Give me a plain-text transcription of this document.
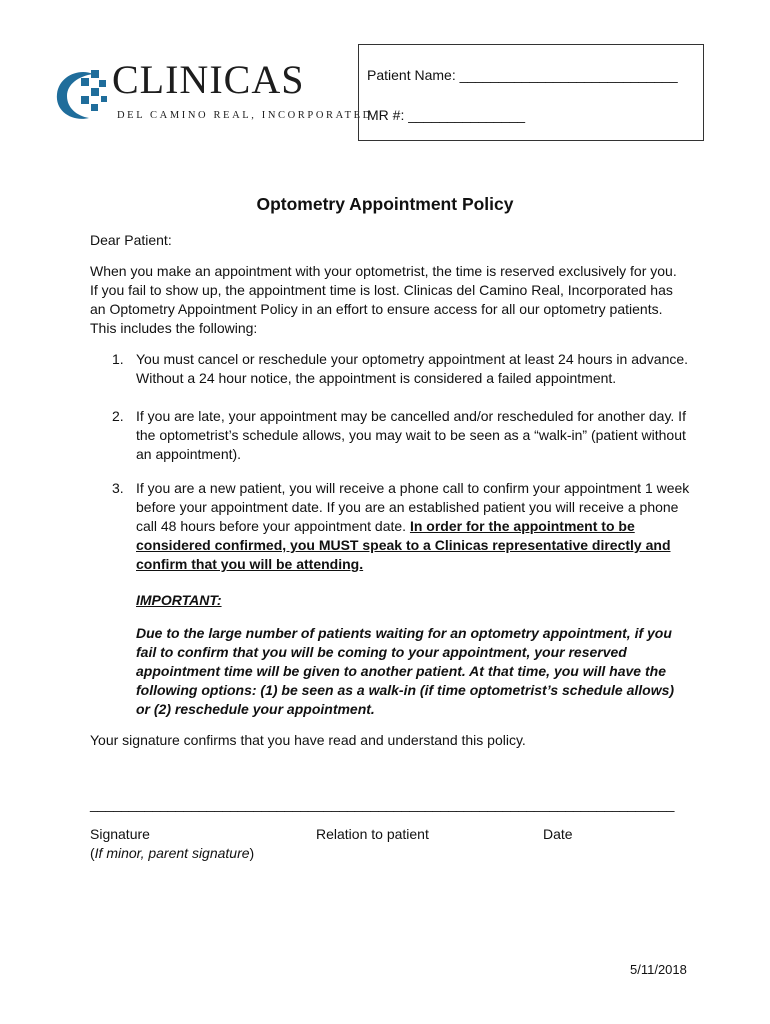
CLINICAS
DEL CAMINO REAL, INCORPORATED
Patient Name: ____________________________
MR #: _______________
Optometry Appointment Policy
Dear Patient:
When you make an appointment with your optometrist, the time is reserved exclusively for you. If you fail to show up, the appointment time is lost. Clinicas del Camino Real, Incorporated has an Optometry Appointment Policy in an effort to ensure access for all our optometry patients. This includes the following:
1. You must cancel or reschedule your optometry appointment at least 24 hours in advance. Without a 24 hour notice, the appointment is considered a failed appointment.
2. If you are late, your appointment may be cancelled and/or rescheduled for another day. If the optometrist’s schedule allows, you may wait to be seen as a “walk-in” (patient without an appointment).
3. If you are a new patient, you will receive a phone call to confirm your appointment 1 week before your appointment date. If you are an established patient you will receive a phone call 48 hours before your appointment date. In order for the appointment to be considered confirmed, you MUST speak to a Clinicas representative directly and confirm that you will be attending.
IMPORTANT:
Due to the large number of patients waiting for an optometry appointment, if you fail to confirm that you will be coming to your appointment, your reserved appointment time will be given to another patient. At that time, you will have the following options: (1) be seen as a walk-in (if time optometrist’s schedule allows) or (2) reschedule your appointment.
Your signature confirms that you have read and understand this policy.
_____________________________ _____________________________ _________________
Signature	Relation to patient	Date
(If minor, parent signature)
5/11/2018
